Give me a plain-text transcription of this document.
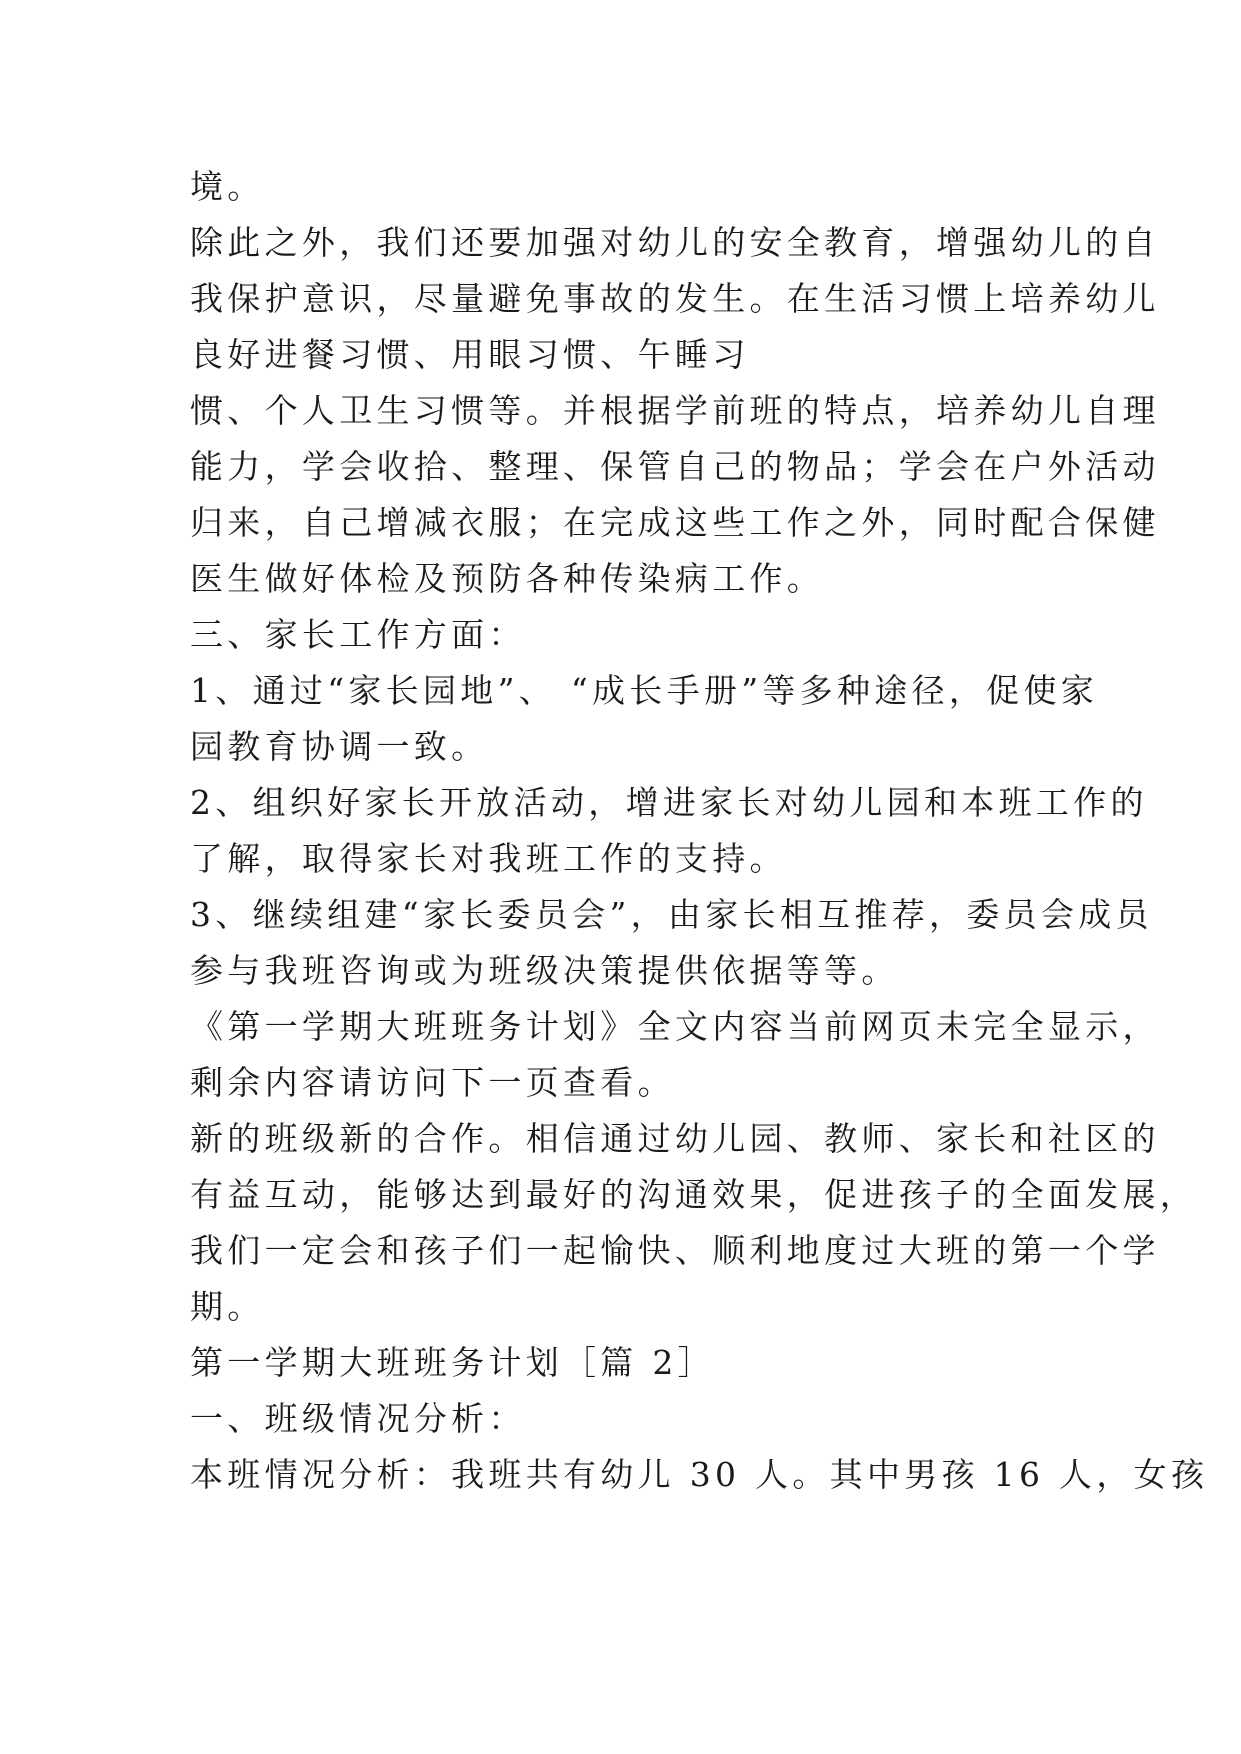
境。
除此之外，我们还要加强对幼儿的安全教育，增强幼儿的自
我保护意识，尽量避免事故的发生。在生活习惯上培养幼儿
良好进餐习惯、用眼习惯、午睡习
惯、个人卫生习惯等。并根据学前班的特点，培养幼儿自理
能力，学会收拾、整理、保管自己的物品；学会在户外活动
归来，自己增减衣服；在完成这些工作之外，同时配合保健
医生做好体检及预防各种传染病工作。
三、家长工作方面：
1、通过“家长园地”、 “成长手册”等多种途径，促使家
园教育协调一致。
2、组织好家长开放活动，增进家长对幼儿园和本班工作的
了解，取得家长对我班工作的支持。
3、继续组建“家长委员会”，由家长相互推荐，委员会成员
参与我班咨询或为班级决策提供依据等等。
《第一学期大班班务计划》全文内容当前网页未完全显示，
剩余内容请访问下一页查看。
新的班级新的合作。相信通过幼儿园、教师、家长和社区的
有益互动，能够达到最好的沟通效果，促进孩子的全面发展，
我们一定会和孩子们一起愉快、顺利地度过大班的第一个学
期。
第一学期大班班务计划［篇 2］
一、班级情况分析：
本班情况分析：我班共有幼儿 30 人。其中男孩 16 人，女孩
